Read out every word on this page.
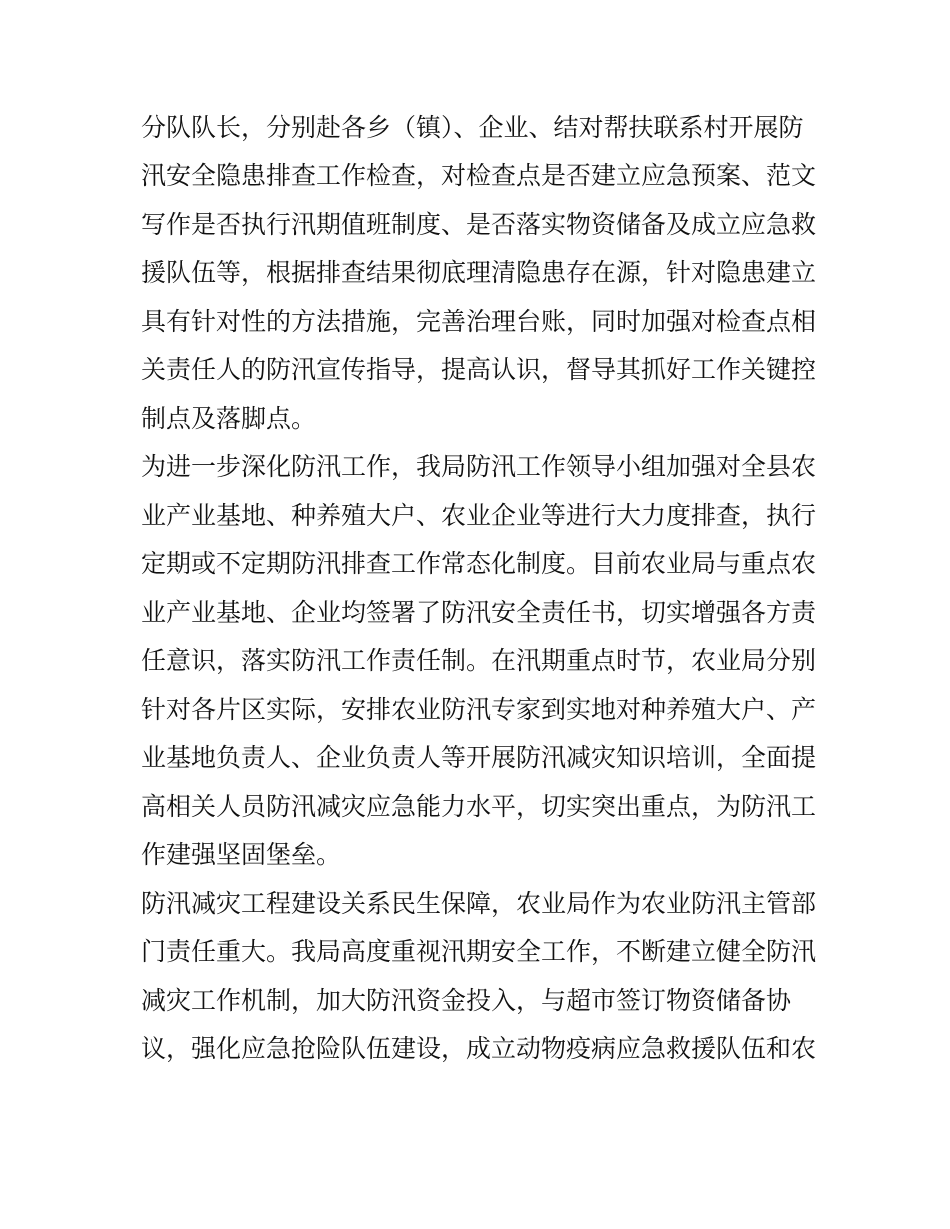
分队队长，分别赴各乡（镇）、企业、结对帮扶联系村开展防
汛安全隐患排查工作检查，对检查点是否建立应急预案、范文
写作是否执行汛期值班制度、是否落实物资储备及成立应急救
援队伍等，根据排查结果彻底理清隐患存在源，针对隐患建立
具有针对性的方法措施，完善治理台账，同时加强对检查点相
关责任人的防汛宣传指导，提高认识，督导其抓好工作关键控
制点及落脚点。
为进一步深化防汛工作，我局防汛工作领导小组加强对全县农
业产业基地、种养殖大户、农业企业等进行大力度排查，执行
定期或不定期防汛排查工作常态化制度。目前农业局与重点农
业产业基地、企业均签署了防汛安全责任书，切实增强各方责
任意识，落实防汛工作责任制。在汛期重点时节，农业局分别
针对各片区实际，安排农业防汛专家到实地对种养殖大户、产
业基地负责人、企业负责人等开展防汛减灾知识培训，全面提
高相关人员防汛减灾应急能力水平，切实突出重点，为防汛工
作建强坚固堡垒。
防汛减灾工程建设关系民生保障，农业局作为农业防汛主管部
门责任重大。我局高度重视汛期安全工作，不断建立健全防汛
减灾工作机制，加大防汛资金投入，与超市签订物资储备协
议，强化应急抢险队伍建设，成立动物疫病应急救援队伍和农
